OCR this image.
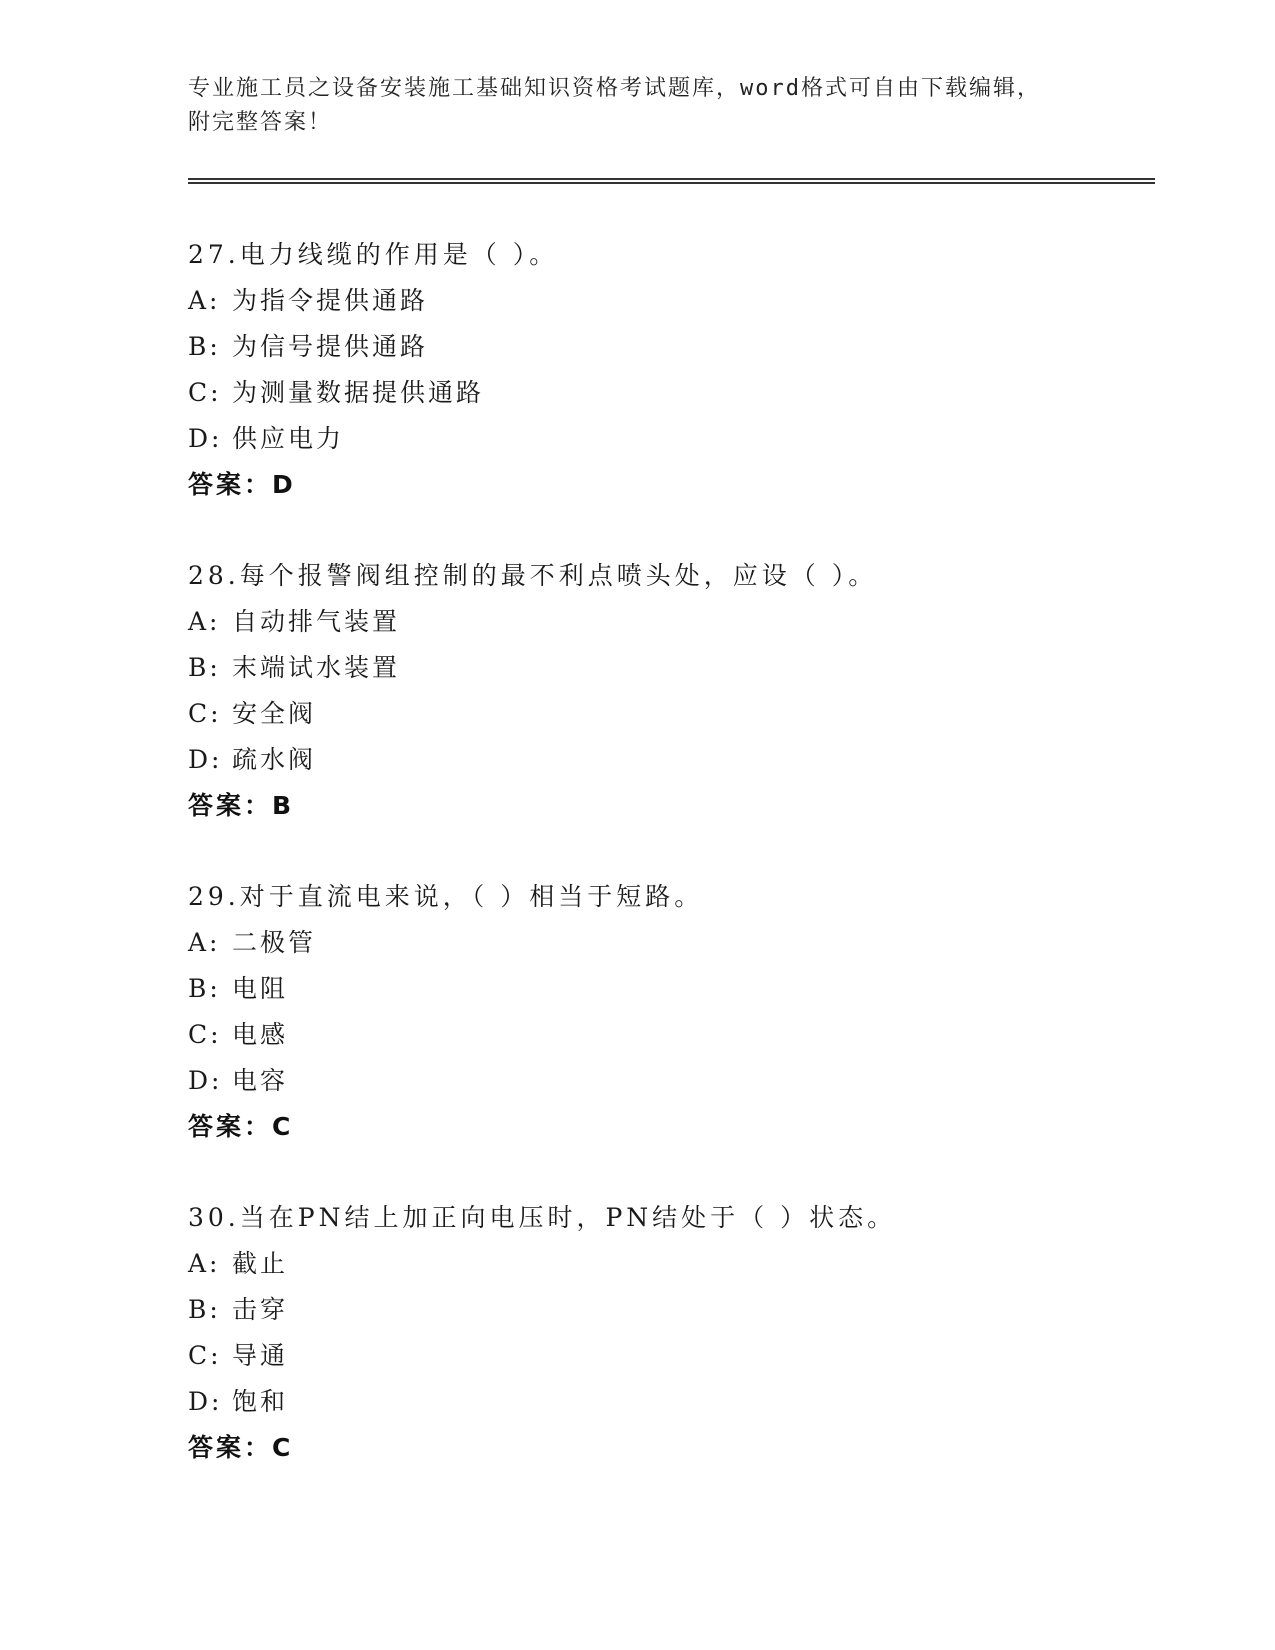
专业施工员之设备安装施工基础知识资格考试题库，word格式可自由下载编辑，
附完整答案！
27.电力线缆的作用是（ ）。
A: 为指令提供通路
B: 为信号提供通路
C: 为测量数据提供通路
D: 供应电力
答案：D
28.每个报警阀组控制的最不利点喷头处，应设（ ）。
A: 自动排气装置
B: 末端试水装置
C: 安全阀
D: 疏水阀
答案：B
29.对于直流电来说，（ ）相当于短路。
A: 二极管
B: 电阻
C: 电感
D: 电容
答案：C
30.当在PN结上加正向电压时，PN结处于（ ）状态。
A: 截止
B: 击穿
C: 导通
D: 饱和
答案：C
